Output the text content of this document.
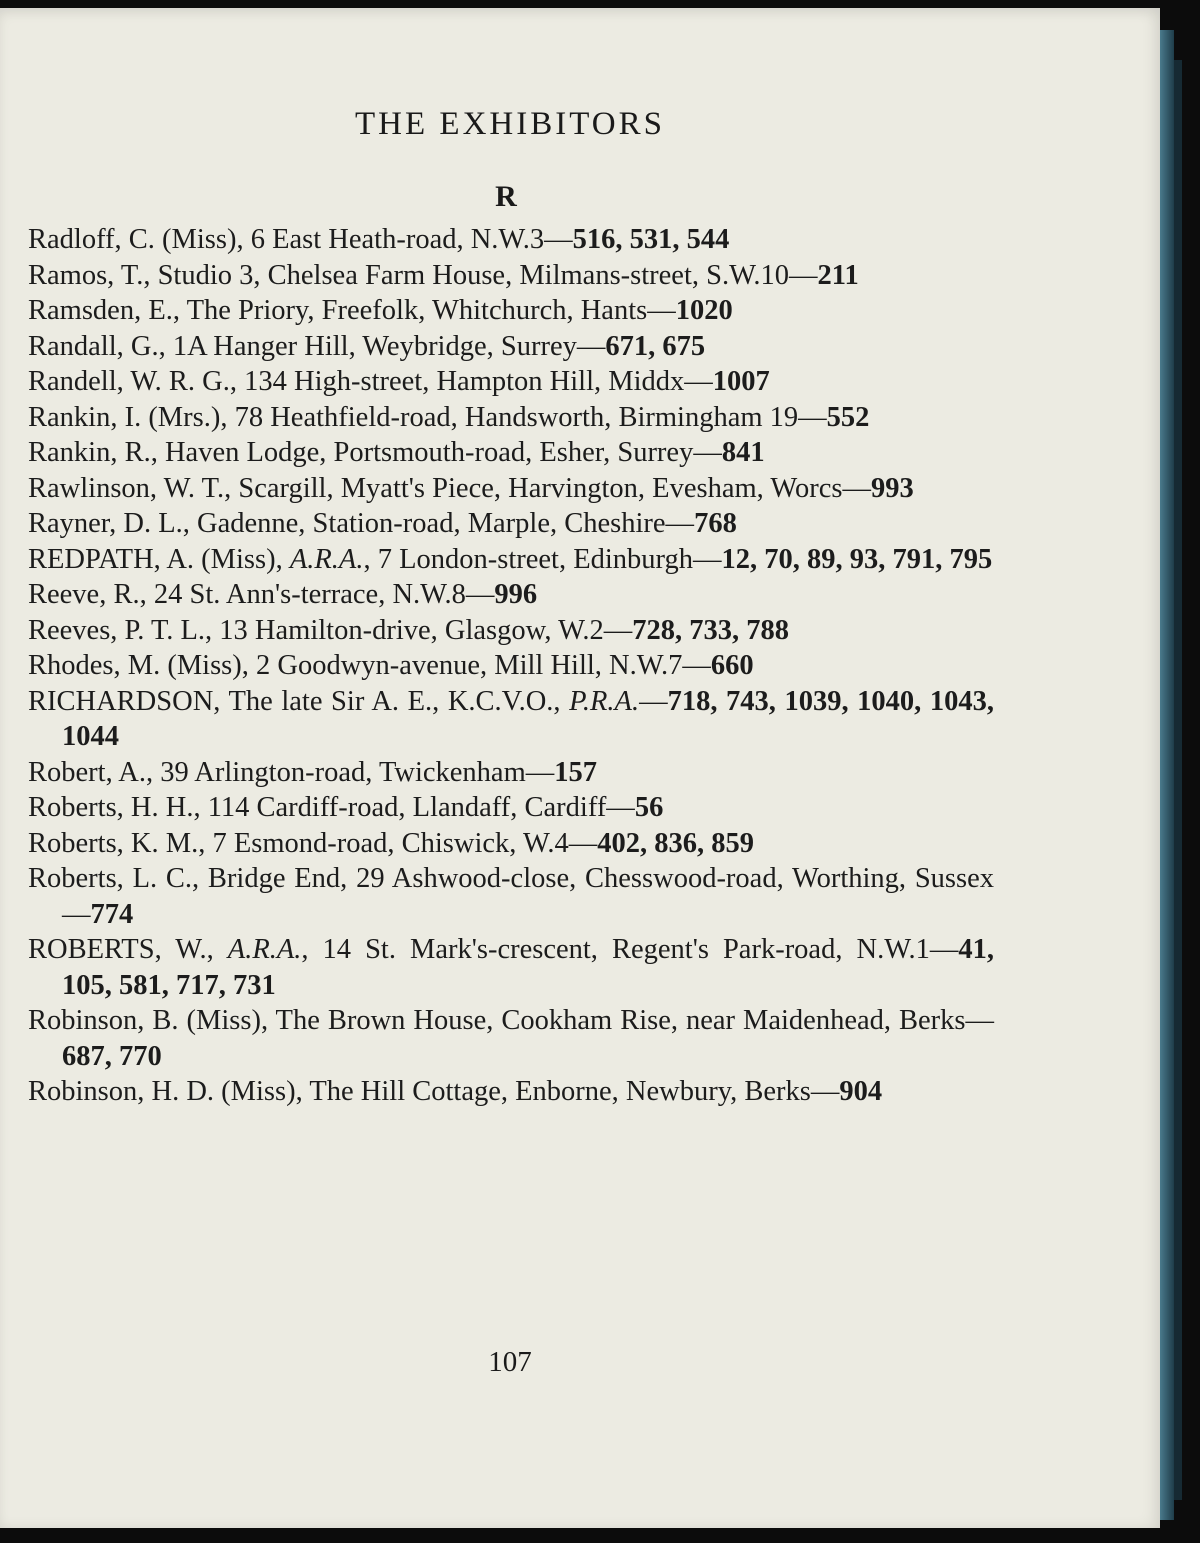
THE EXHIBITORS
R
Radloff, C. (Miss), 6 East Heath-road, N.W.3—516, 531, 544
Ramos, T., Studio 3, Chelsea Farm House, Milmans-street, S.W.10—211
Ramsden, E., The Priory, Freefolk, Whitchurch, Hants—1020
Randall, G., 1A Hanger Hill, Weybridge, Surrey—671, 675
Randell, W. R. G., 134 High-street, Hampton Hill, Middx—1007
Rankin, I. (Mrs.), 78 Heathfield-road, Handsworth, Birmingham 19—552
Rankin, R., Haven Lodge, Portsmouth-road, Esher, Surrey—841
Rawlinson, W. T., Scargill, Myatt's Piece, Harvington, Evesham, Worcs—993
Rayner, D. L., Gadenne, Station-road, Marple, Cheshire—768
REDPATH, A. (Miss), A.R.A., 7 London-street, Edinburgh—12, 70, 89, 93, 791, 795
Reeve, R., 24 St. Ann's-terrace, N.W.8—996
Reeves, P. T. L., 13 Hamilton-drive, Glasgow, W.2—728, 733, 788
Rhodes, M. (Miss), 2 Goodwyn-avenue, Mill Hill, N.W.7—660
RICHARDSON, The late Sir A. E., K.C.V.O., P.R.A.—718, 743, 1039, 1040, 1043, 1044
Robert, A., 39 Arlington-road, Twickenham—157
Roberts, H. H., 114 Cardiff-road, Llandaff, Cardiff—56
Roberts, K. M., 7 Esmond-road, Chiswick, W.4—402, 836, 859
Roberts, L. C., Bridge End, 29 Ashwood-close, Chesswood-road, Worthing, Sussex—774
ROBERTS, W., A.R.A., 14 St. Mark's-crescent, Regent's Park-road, N.W.1—41, 105, 581, 717, 731
Robinson, B. (Miss), The Brown House, Cookham Rise, near Maidenhead, Berks—687, 770
Robinson, H. D. (Miss), The Hill Cottage, Enborne, Newbury, Berks—904
107
